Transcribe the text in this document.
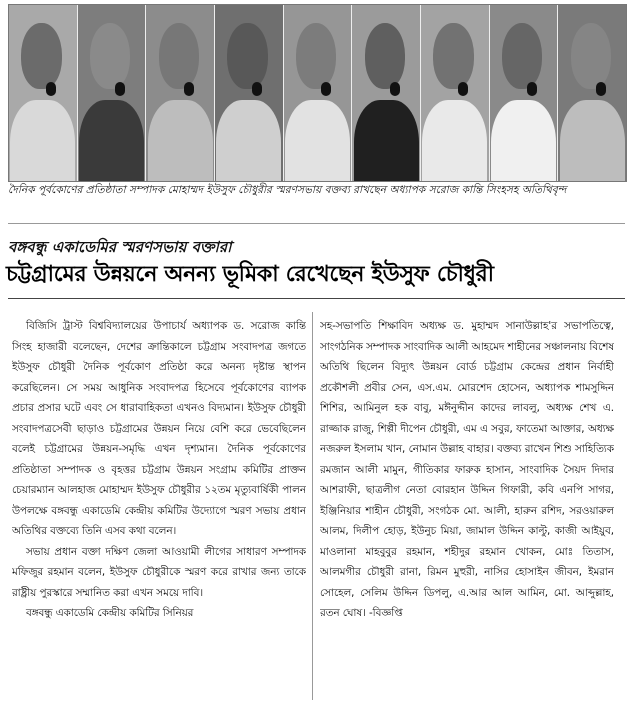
দৈনিক পূর্বকোণের প্রতিষ্ঠাতা সম্পাদক মোহাম্মদ ইউসুফ চৌধুরীর স্মরণসভায় বক্তব্য রাখছেন অধ্যাপক সরোজ কান্তি সিংহসহ অতিথিবৃন্দ
বঙ্গবন্ধু একাডেমির স্মরণসভায় বক্তারা
চট্টগ্রামের উন্নয়নে অনন্য ভূমিকা রেখেছেন ইউসুফ চৌধুরী

বিজিসি ট্রাস্ট বিশ্ববিদ্যালয়ের উপাচার্য অধ্যাপক ড. সরোজ কান্তি সিংহ হাজারী বলেছেন, দেশের ক্রান্তিকালে চট্টগ্রাম সংবাদপত্র জগতে ইউসুফ চৌধুরী দৈনিক পূর্বকোণ প্রতিষ্ঠা করে অনন্য দৃষ্টান্ত স্থাপন করেছিলেন। সে সময় আধুনিক সংবাদপত্র হিসেবে পূর্বকোণের ব্যাপক প্রচার প্রসার ঘটে এবং সে ধারাবাহিকতা এখনও বিদ্যমান। ইউসুফ চৌধুরী সংবাদপত্রসেবী ছাড়াও চট্টগ্রামের উন্নয়ন নিয়ে বেশি করে ভেবেছিলেন বলেই চট্টগ্রামের উন্নয়ন-সমৃদ্ধি এখন দৃশ্যমান। দৈনিক পূর্বকোণের প্রতিষ্ঠাতা সম্পাদক ও বৃহত্তর চট্টগ্রাম উন্নয়ন সংগ্রাম কমিটির প্রাক্তন চেয়ারম্যান আলহাজ মোহাম্মদ ইউসুফ চৌধুরীর ১২তম মৃত্যুবার্ষিকী পালন উপলক্ষে বঙ্গবন্ধু একাডেমি কেন্দ্রীয় কমিটির উদ্যোগে স্মরণ সভায় প্রধান অতিথির বক্তব্যে তিনি এসব কথা বলেন।

সভায় প্রধান বক্তা দক্ষিণ জেলা আওয়ামী লীগের সাধারণ সম্পাদক মফিজুর রহমান বলেন, ইউসুফ চৌধুরীকে স্মরণ করে রাখার জন্য তাকে রাষ্ট্রীয় পুরস্কারে সম্মানিত করা এখন সময়ে দাবি।

বঙ্গবন্ধু একাডেমি কেন্দ্রীয় কমিটির সিনিয়র

সহ-সভাপতি শিক্ষাবিদ অধ্যক্ষ ড. মুহাম্মদ সানাউল্লাহ'র সভাপতিত্বে, সাংগঠনিক সম্পাদক সাংবাদিক আলী আহমেদ শাহীনের সঞ্চালনায় বিশেষ অতিথি ছিলেন বিদ্যুৎ উন্নয়ন বোর্ড চট্টগ্রাম কেন্দ্রের প্রধান নির্বাহী প্রকৌশলী প্রবীর সেন, এস.এম. মোরশেদ হোসেন, অধ্যাপক শামসুদ্দিন শিশির, আমিনুল হক বাবু, মঈনুদ্দীন কাদের লাবলু, অধ্যক্ষ শেখ এ. রাজ্জাক রাজু, শিল্পী দীপেন চৌধুরী, এম এ সবুর, ফাতেমা আক্তার, অধ্যক্ষ নজরুল ইসলাম খান, নোমান উল্লাহ বাহার। বক্তব্য রাখেন শিশু সাহিত্যিক রমজান আলী মামুন, গীতিকার ফারুক হাসান, সাংবাদিক সৈয়দ দিদার আশরাফী, ছাত্রলীগ নেতা বোরহান উদ্দিন গিফারী, কবি এনপি সাগর, ইঞ্জিনিয়ার শাহীন চৌধুরী, সংগঠক মো. আলী, হারুন রশিদ, সরওয়ারুল আলম, দিলীপ হোড়, ইউনুচ মিয়া, জামাল উদ্দিন কাল্টু, কাজী আইয়ুব, মাওলানা মাহবুবুর রহমান, শহীদুর রহমান খোকন, মোঃ তিতাস, আলমগীর চৌধুরী রানা, রিমন মুহুরী, নাসির হোসাইন জীবন, ইমরান সোহেল, সেলিম উদ্দিন ডিপলু, এ.আর আল আমিন, মো. আব্দুল্লাহ, রতন ঘোষ। -বিজ্ঞপ্তি
